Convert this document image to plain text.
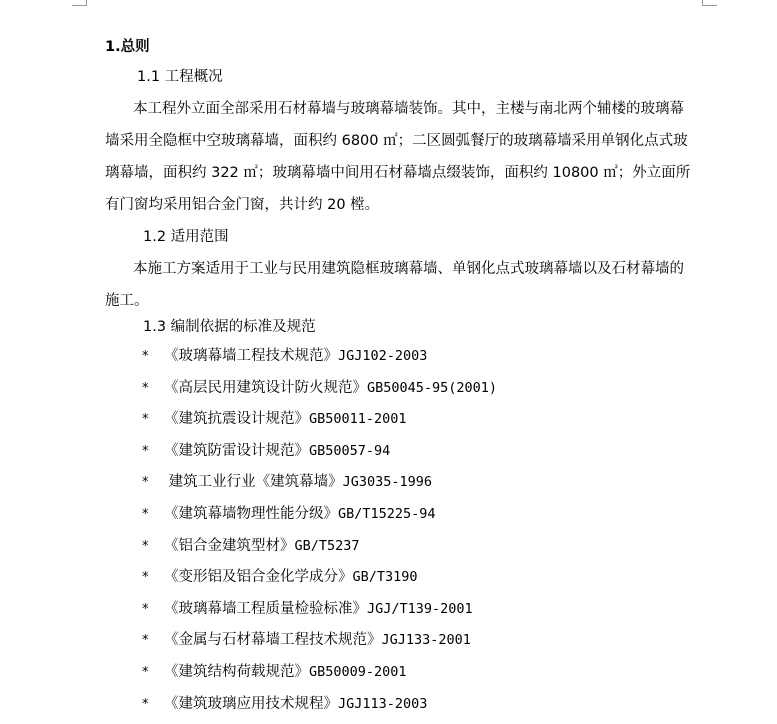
1.总则
1.1 工程概况
本工程外立面全部采用石材幕墙与玻璃幕墙装饰。其中，主楼与南北两个辅楼的玻璃幕墙采用全隐框中空玻璃幕墙，面积约 6800 ㎡；二区圆弧餐厅的玻璃幕墙采用单钢化点式玻璃幕墙，面积约 322 ㎡；玻璃幕墙中间用石材幕墙点缀装饰，面积约 10800 ㎡；外立面所有门窗均采用铝合金门窗，共计约 20 樘。
1.2 适用范围
本施工方案适用于工业与民用建筑隐框玻璃幕墙、单钢化点式玻璃幕墙以及石材幕墙的施工。
1.3 编制依据的标准及规范
* 《玻璃幕墙工程技术规范》JGJ102-2003
* 《高层民用建筑设计防火规范》GB50045-95(2001)
* 《建筑抗震设计规范》GB50011-2001
* 《建筑防雷设计规范》GB50057-94
* 建筑工业行业《建筑幕墙》JG3035-1996
* 《建筑幕墙物理性能分级》GB/T15225-94
* 《铝合金建筑型材》GB/T5237
* 《变形铝及铝合金化学成分》GB/T3190
* 《玻璃幕墙工程质量检验标准》JGJ/T139-2001
* 《金属与石材幕墙工程技术规范》JGJ133-2001
* 《建筑结构荷载规范》GB50009-2001
* 《建筑玻璃应用技术规程》JGJ113-2003
